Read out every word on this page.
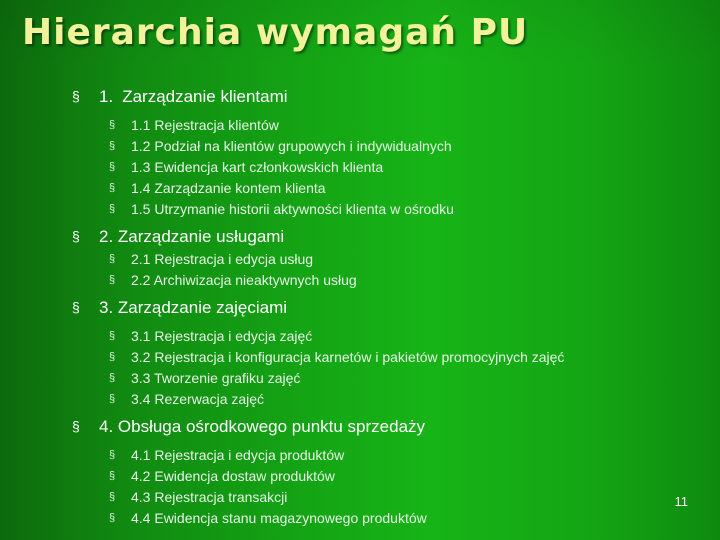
Hierarchia wymagań PU
§ 1. Zarządzanie klientami
§ 1.1 Rejestracja klientów
§ 1.2 Podział na klientów grupowych i indywidualnych
§ 1.3 Ewidencja kart członkowskich klienta
§ 1.4 Zarządzanie kontem klienta
§ 1.5 Utrzymanie historii aktywności klienta w ośrodku
§ 2. Zarządzanie usługami
§ 2.1 Rejestracja i edycja usług
§ 2.2 Archiwizacja nieaktywnych usług
§ 3. Zarządzanie zajęciami
§ 3.1 Rejestracja i edycja zajęć
§ 3.2 Rejestracja i konfiguracja karnetów i pakietów promocyjnych zajęć
§ 3.3 Tworzenie grafiku zajęć
§ 3.4 Rezerwacja zajęć
§ 4. Obsługa ośrodkowego punktu sprzedaży
§ 4.1 Rejestracja i edycja produktów
§ 4.2 Ewidencja dostaw produktów
§ 4.3 Rejestracja transakcji
§ 4.4 Ewidencja stanu magazynowego produktów
11
